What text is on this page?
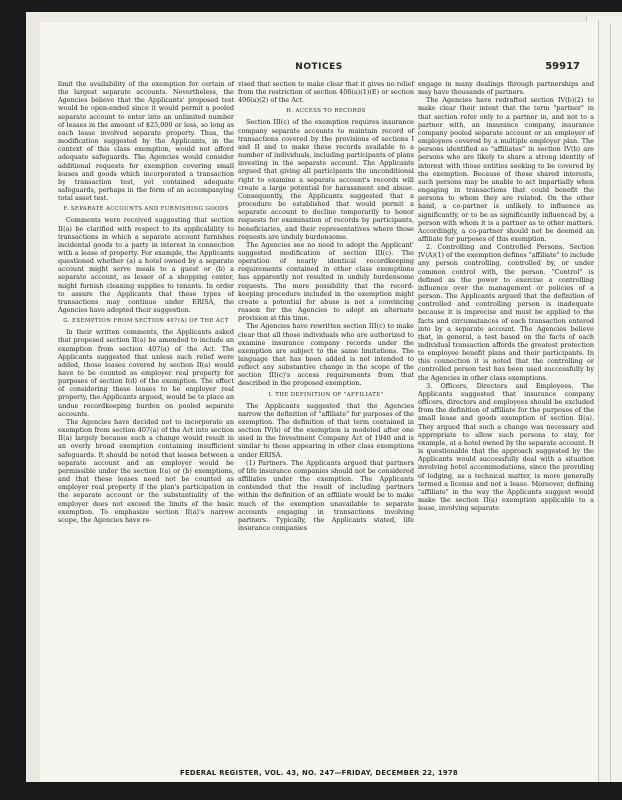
NOTICES	59917

limit the availability of the exemption for certain of the largest separate accounts. Nevertheless, the Agencies believe that the Applicants' proposed test would be open-ended since it would permit a pooled separate account to enter into an unlimited number of leases in the amount of $25,000 or less, so long as each lease involved separate property. Thus, the modification suggested by the Applicants, in the context of this class exemption, would not afford adequate safeguards. The Agencies would consider additional requests for exemption covering small leases and goods which incorporated a transaction by transaction test, yet contained adequate safeguards, perhaps in the form of an accompanying total asset test.

F. SEPARATE ACCOUNTS AND FURNISHING GOODS

Comments were received suggesting that section II(a) be clarified with respect to its applicability to transactions in which a separate account furnishes incidental goods to a party in interest in connection with a lease of property. For example, the Applicants questioned whether (a) a hotel owned by a separate account might serve meals to a guest or (b) a separate account, as lessor of a shopping center, might furnish cleaning supplies to tenants. In order to assure the Applicants that these types of transactions may continue under ERISA, the Agencies have adopted their suggestion.

G. EXEMPTION FROM SECTION 407(A) OF THE ACT

In their written comments, the Applicants asked that proposed section II(a) be amended to include an exemption from section 407(a) of the Act. The Applicants suggested that unless such relief were added, those leases covered by section II(a) would have to be counted as employer real property for purposes of section I(d) of the exemption. The effect of considering these leases to be employer real property, the Applicants argued, would be to place an undue recordkeeping burden on pooled separate accounts.

The Agencies have decided not to incorporate an exemption from section 407(a) of the Act into section II(a) largely because such a change would result in an overly broad exemption containing insufficient safeguards. It should be noted that leases between a separate account and an employer would be permissible under the section I(a) or (b) exemptions, and that these leases need not be counted as employer real property if the plan's participation in the separate account or the substantiality of the employer does not exceed the limits of the basic exemption. To emphasize section II(a)'s narrow scope, the Agencies have re-

vised that section to make clear that it gives no relief from the restriction of section 406(a)(1)(E) or section 406(a)(2) of the Act.

H. ACCESS TO RECORDS

Section III(c) of the exemption requires insurance company separate accounts to maintain record of transactions covered by the provisions of sections I and II and to make these records available to a number of individuals, including participants of plans investing in the separate account. The Applicants argued that giving all participants the unconditional right to examine a separate account's records will create a large potential for harassment and abuse. Consequently, the Applicants suggested that a procedure be established that would permit a separate account to decline temporarily to honor requests for examination of records by participants, beneficiaries, and their representatives where those requests are unduly burdensome.

The Agencies see no need to adopt the Applicant' suggested modification of section III(c). The operation of nearly identical recordkeeping requirements contained in other class exemptions has apparently not resulted in unduly burdensome requests. The mere possibility that the record-keeping procedure included in the exemption might create a potential for abuse is not a convincing reason for the Agencies to adopt an alternate provision at this time.

The Agencies have rewritten section III(c) to make clear that all those individuals who are authorized to examine insurance company records under the exemption are subject to the same limitations. The language that has been added is not intended to reflect any substantive change in the scope of the section III(c)'s access requirements from that described in the proposed exemption.

I. THE DEFINITION OF "AFFILIATE"

The Applicants suggested that the Agencies narrow the definition of "affiliate" for purposes of the exemption. The definition of that term contained in section IV(b) of the exemption is modeled after one used in the Investment Company Act of 1940 and is similar to those appearing in other class exemptions under ERISA.

(1) Partners. The Applicants argued that partners of life insurance companies should not be considered affiliates under the exemption. The Applicants contended that the result of including partners within the definition of an affiliate would be to make much of the exemption unavailable to separate accounts engaging in transactions involving partners. Typically, the Applicants stated, life insurance companies

engage in many dealings through partnerships and may have thousands of partners.

The Agencies have redrafted section IV(b)(2) to make clear their intent that the term "partner" in that section refer only to a partner in, and not to a partner with, an insurance company, insurance company pooled separate account or an employer of employees covered by a multiple employer plan. The persons identified as "affiliates" in section IV(b) are persons who are likely to share a strong identity of interest with those entities seeking to be covered by the exemption. Because of these shared interests, such persons may be unable to act impartially when engaging in transactions that could benefit the persons to whom they are related. On the other hand, a co-partner is unlikely to influence as significantly, or to be as significantly influenced by, a person with whom it is a partner as to other matters. Accordingly, a co-partner should not be deemed an affiliate for purposes of this exemption.

2. Controlling and Controlled Persons. Section IV(A)(1) of the exemption defines "affiliate" to include any person controlling, controlled by, or under common control with, the person. "Control" is defined as the power to exercise a controlling influence over the management or policies of a person. The Applicants argued that the definition of controlled and controlling person is inadequate because it is imprecise and must be applied to the facts and circumstances of each transaction entered into by a separate account. The Agencies believe that, in general, a test based on the facts of each individual transaction affords the greatest protection to employee benefit plans and their participants. In this connection it is noted that the controlling or controlled person test has been used successfully by the Agencies in other class exemptions.

3. Officers, Directors and Employees. The Applicants suggested that insurance company officers, directors and employees should be excluded from the definition of affiliate for the purposes of the small lease and goods exemption of section II(a). They argued that such a change was necessary and appropriate to allow such persons to stay, for example, at a hotel owned by the separate account. It is questionable that the approach suggested by the Applicants would successfully deal with a situation involving hotel accommodations, since the providing of lodging, as a technical matter, is more generally termed a license and not a lease. Moreover, defining "affiliate" in the way the Applicants suggest would make the section II(a) exemption applicable to a lease, involving separate

FEDERAL REGISTER, VOL. 43, NO. 247—FRIDAY, DECEMBER 22, 1978
